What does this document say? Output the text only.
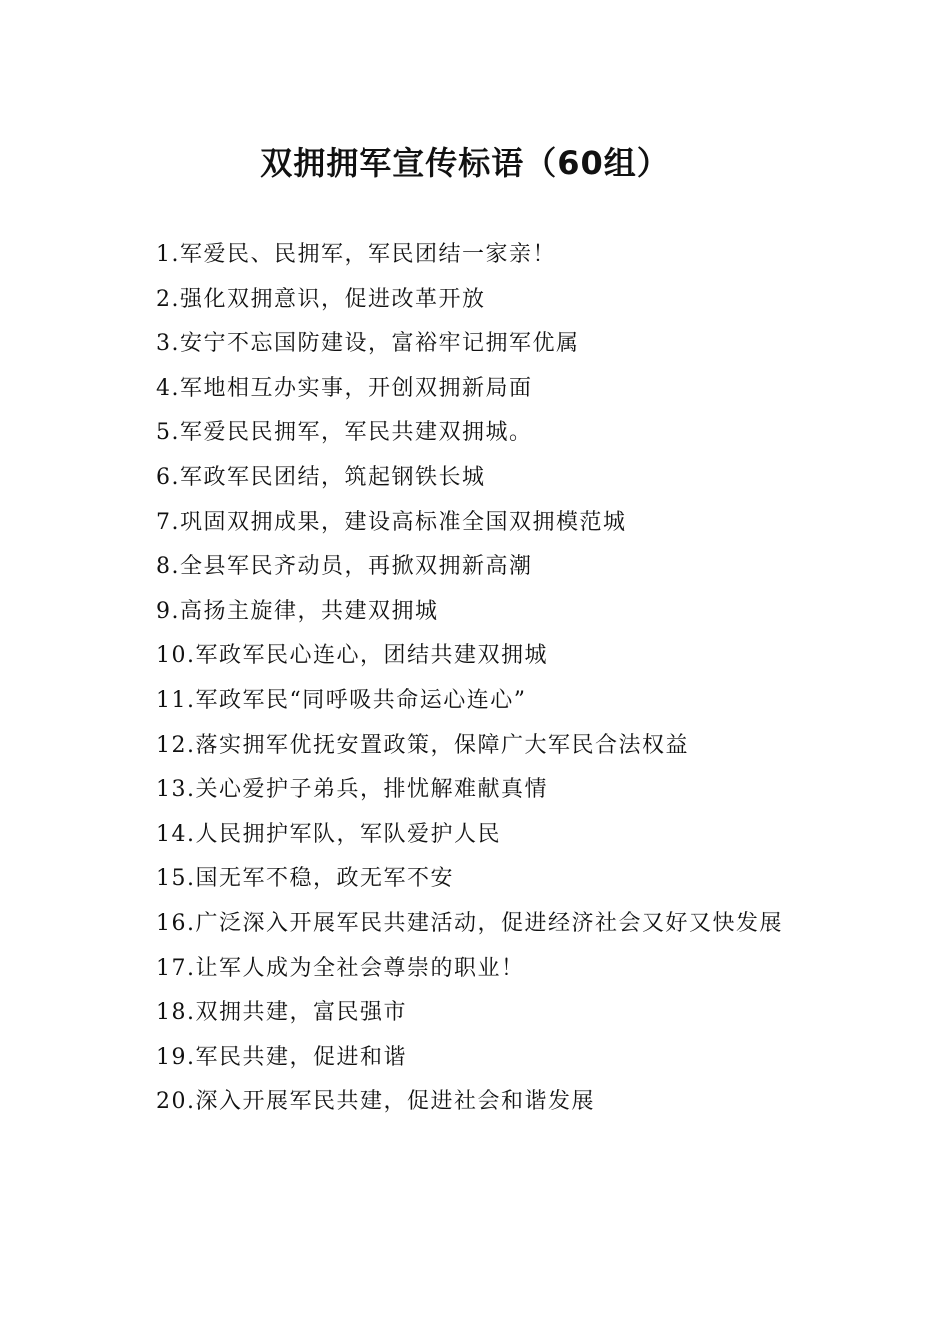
双拥拥军宣传标语（60组）
1.军爱民、民拥军，军民团结一家亲！
2.强化双拥意识，促进改革开放
3.安宁不忘国防建设，富裕牢记拥军优属
4.军地相互办实事，开创双拥新局面
5.军爱民民拥军，军民共建双拥城。
6.军政军民团结，筑起钢铁长城
7.巩固双拥成果，建设高标准全国双拥模范城
8.全县军民齐动员，再掀双拥新高潮
9.高扬主旋律，共建双拥城
10.军政军民心连心，团结共建双拥城
11.军政军民“同呼吸共命运心连心”
12.落实拥军优抚安置政策，保障广大军民合法权益
13.关心爱护子弟兵，排忧解难献真情
14.人民拥护军队，军队爱护人民
15.国无军不稳，政无军不安
16.广泛深入开展军民共建活动，促进经济社会又好又快发展
17.让军人成为全社会尊崇的职业！
18.双拥共建，富民强市
19.军民共建，促进和谐
20.深入开展军民共建，促进社会和谐发展
